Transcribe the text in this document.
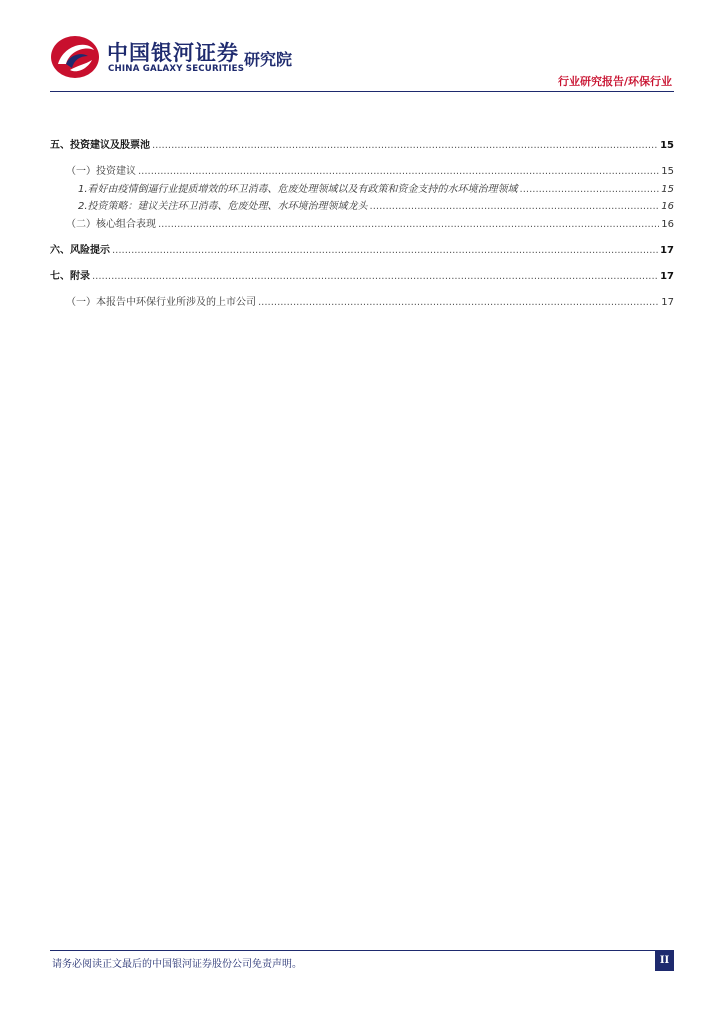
中国银河证券
CHINA GALAXY SECURITIES 研究院
行业研究报告/环保行业
五、投资建议及股票池 .....	15
（一）投资建议 .....	15
1.看好由疫情倒逼行业提质增效的环卫消毒、危废处理领域以及有政策和资金支持的水环境治理领域 .....	15
2.投资策略：建议关注环卫消毒、危废处理、水环境治理领域龙头 .....	16
（二）核心组合表现 .....	16
六、风险提示 .....	17
七、附录 .....	17
（一）本报告中环保行业所涉及的上市公司 .....	17
请务必阅读正文最后的中国银河证券股份公司免责声明。	II
